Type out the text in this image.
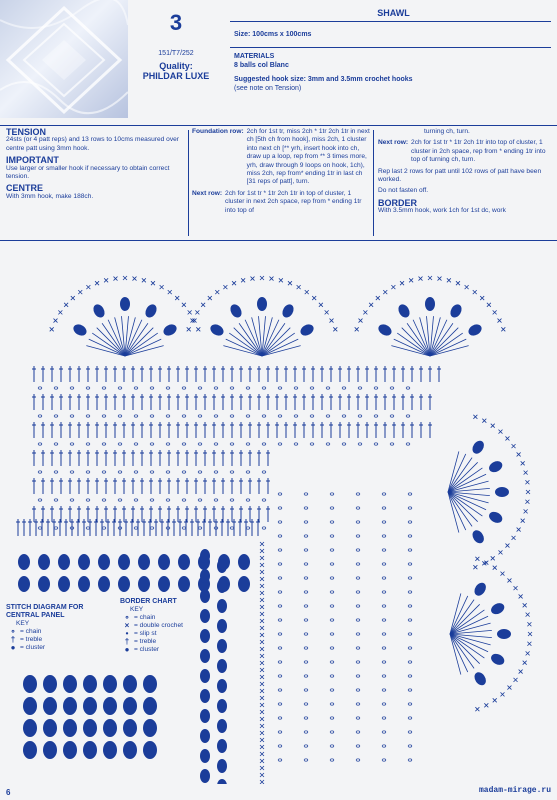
3
151/T7/252
Quality:
PHILDAR LUXE
SHAWL
Size: 100cms x 100cms
MATERIALS
8 balls col Blanc
Suggested hook size: 3mm and 3.5mm crochet hooks
(see note on Tension)
TENSION

24sts (or 4 patt reps) and 13 rows to 10cms measured over centre patt using 3mm hook.

IMPORTANT

Use larger or smaller hook if necessary to obtain correct tension.

CENTRE

With 3mm hook, make 188ch.

Foundation row: 2ch for 1st tr, miss 2ch * 1tr 2ch 1tr in next ch [5th ch from hook], miss 2ch, 1 cluster into next ch [** yrh, insert hook into ch, draw up a loop, rep from ** 3 times more, yrh, draw through 9 loops on hook, 1ch), miss 2ch, rep from* ending 1tr in last ch [31 reps of patt], turn.

Next row: 2ch for 1st tr * 1tr 2ch 1tr in top of cluster, 1 cluster in next 2ch space, rep from * ending 1tr into top of

turning ch, turn.

Next row: 2ch for 1st tr * 1tr 2ch 1tr into top of cluster, 1 cluster in 2ch space, rep from * ending 1tr into top of turning ch, turn.

Rep last 2 rows for patt until 102 rows of patt have been worked.

Do not fasten off.

BORDER

With 3.5mm hook, work 1ch for 1st dc, work

STITCH DIAGRAM FOR CENTRAL PANEL
KEY
∘ = chain
† = treble
● = cluster
BORDER CHART
KEY
∘ = chain
× = double crochet
• = slip st
† = treble
● = cluster
6	madam-mirage.ru
